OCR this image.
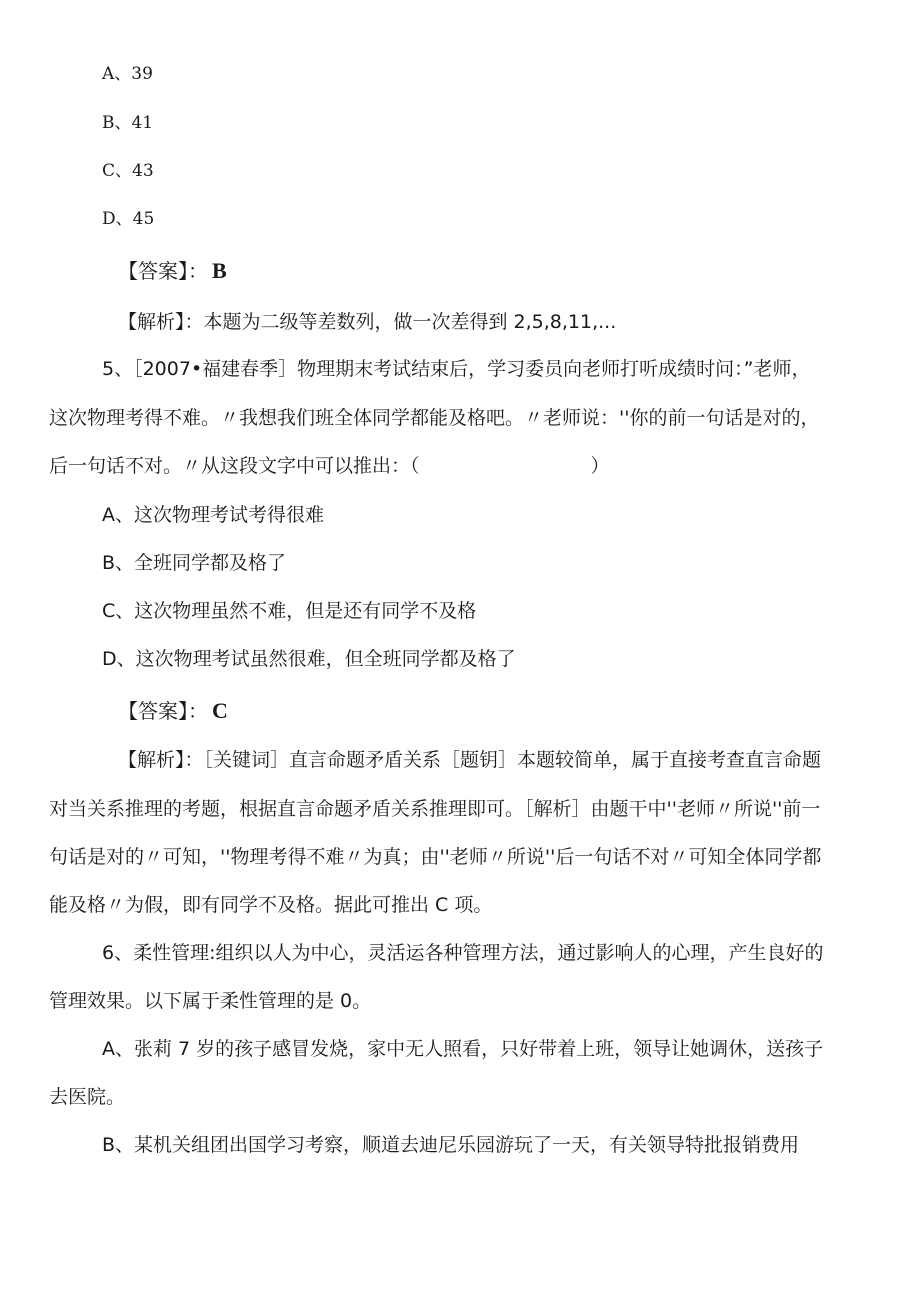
A、39
B、41
C、43
D、45
【答案】： B
【解析】：本题为二级等差数列，做一次差得到 2,5,8,11,...
5、［2007•福建春季］物理期末考试结束后，学习委员向老师打听成绩时问：”老师，
这次物理考得不难。〃我想我们班全体同学都能及格吧。〃老师说：''你的前一句话是对的，
后一句话不对。〃从这段文字中可以推出：（　　　　　　　　　）
A、这次物理考试考得很难
B、全班同学都及格了
C、这次物理虽然不难，但是还有同学不及格
D、这次物理考试虽然很难，但全班同学都及格了
【答案】： C
【解析】：［关键词］直言命题矛盾关系［题钥］本题较简单，属于直接考查直言命题
对当关系推理的考题，根据直言命题矛盾关系推理即可。［解析］由题干中''老师〃所说''前一
句话是对的〃可知，''物理考得不难〃为真；由''老师〃所说''后一句话不对〃可知全体同学都
能及格〃为假，即有同学不及格。据此可推出 C 项。
6、柔性管理:组织以人为中心，灵活运各种管理方法，通过影响人的心理，产生良好的
管理效果。以下属于柔性管理的是 0。
A、张莉 7 岁的孩子感冒发烧，家中无人照看，只好带着上班，领导让她调休，送孩子
去医院。
B、某机关组团出国学习考察，顺道去迪尼乐园游玩了一天，有关领导特批报销费用
